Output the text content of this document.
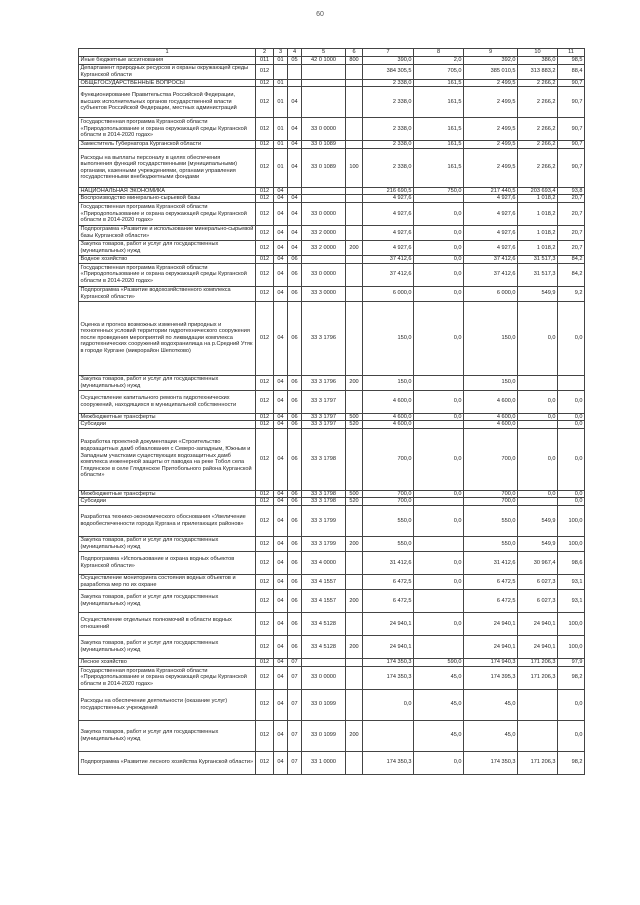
60
1	2	3	4	5	6	7	8	9	10	11
Иные бюджетные ассигнования	011	01	05	42 0 1000	800	390,0	2,0	392,0	386,0	98,5
Департамент природных ресурсов и охраны окружающей среды Курганской области	012					384 305,5	705,0	385 010,5	313 883,2	88,4
ОБЩЕГОСУДАРСТВЕННЫЕ ВОПРОСЫ	012	01				2 338,0	161,5	2 499,5	2 266,2	90,7
Функционирование Правительства Российской Федерации, высших исполнительных органов государственной власти субъектов Российской Федерации, местных администраций	012	01	04			2 338,0	161,5	2 499,5	2 266,2	90,7
Государственная программа Курганской области «Природопользование и охрана окружающей среды Курганской области в 2014-2020 годах»	012	01	04	33 0 0000		2 338,0	161,5	2 499,5	2 266,2	90,7
Заместитель Губернатора Курганской области	012	01	04	33 0 1089		2 338,0	161,5	2 499,5	2 266,2	90,7
Расходы на выплаты персоналу в целях обеспечения выполнения функций государственными (муниципальными) органами, казенными учреждениями, органами управления государственными внебюджетными фондами	012	01	04	33 0 1089	100	2 338,0	161,5	2 499,5	2 266,2	90,7
НАЦИОНАЛЬНАЯ ЭКОНОМИКА	012	04				216 690,5	750,0	217 440,5	203 693,4	93,8
Воспроизводство минерально-сырьевой базы	012	04	04			4 927,6		4 927,6	1 018,2	20,7
Государственная программа Курганской области «Природопользование и охрана окружающей среды Курганской области в 2014-2020 годах»	012	04	04	33 0 0000		4 927,6	0,0	4 927,6	1 018,2	20,7
Подпрограмма «Развитие и использование минерально-сырьевой базы Курганской области»	012	04	04	33 2 0000		4 927,6	0,0	4 927,6	1 018,2	20,7
Закупка товаров, работ и услуг для государственных (муниципальных) нужд	012	04	04	33 2 0000	200	4 927,6	0,0	4 927,6	1 018,2	20,7
Водное хозяйство	012	04	06			37 412,6	0,0	37 412,6	31 517,3	84,2
Государственная программа Курганской области «Природопользование и охрана окружающей среды Курганской области в 2014-2020 годах»	012	04	06	33 0 0000		37 412,6	0,0	37 412,6	31 517,3	84,2
Подпрограмма «Развитие водохозяйственного комплекса Курганской области»	012	04	06	33 3 0000		6 000,0	0,0	6 000,0	549,9	9,2
Оценка и прогноз возможных изменений природных и техногенных условий территории гидротехнического сооружения после проведения мероприятий по ликвидации комплекса гидротехнических сооружений водохранилища на р.Средний Утяк в городе Кургане (микрорайон Шепотково)	012	04	06	33 3 1796		150,0	0,0	150,0	0,0	0,0
Закупка товаров, работ и услуг для государственных (муниципальных) нужд	012	04	06	33 3 1796	200	150,0		150,0		
Осуществление капитального ремонта гидротехнических сооружений, находящихся в муниципальной собственности	012	04	06	33 3 1797		4 600,0	0,0	4 600,0	0,0	0,0
Межбюджетные трансферты	012	04	06	33 3 1797	500	4 600,0	0,0	4 600,0	0,0	0,0
Субсидии	012	04	06	33 3 1797	520	4 600,0		4 600,0		0,0
Разработка проектной документации «Строительство водозащитных дамб обвалования с Северо-западным, Южным и Западным участками существующих водозащитных дамб комплекса инженерной защиты от паводка на реке Тобол села Глядянское в селе Глядянское Притобольного района Курганской области»	012	04	06	33 3 1798		700,0	0,0	700,0	0,0	0,0
Межбюджетные трансферты	012	04	06	33 3 1798	500	700,0	0,0	700,0	0,0	0,0
Субсидии	012	04	06	33 3 1798	520	700,0		700,0		0,0
Разработка технико-экономического обоснования «Увеличение водообеспеченности города Кургана и прилегающих районов»	012	04	06	33 3 1799		550,0	0,0	550,0	549,9	100,0
Закупка товаров, работ и услуг для государственных (муниципальных) нужд	012	04	06	33 3 1799	200	550,0		550,0	549,9	100,0
Подпрограмма «Использование и охрана водных объектов Курганской области»	012	04	06	33 4 0000		31 412,6	0,0	31 412,6	30 967,4	98,6
Осуществление мониторинга состояния водных объектов и разработка мер по их охране	012	04	06	33 4 1557		6 472,5	0,0	6 472,5	6 027,3	93,1
Закупка товаров, работ и услуг для государственных (муниципальных) нужд	012	04	06	33 4 1557	200	6 472,5		6 472,5	6 027,3	93,1
Осуществление отдельных полномочий в области водных отношений	012	04	06	33 4 5128		24 940,1	0,0	24 940,1	24 940,1	100,0
Закупка товаров, работ и услуг для государственных (муниципальных) нужд	012	04	06	33 4 5128	200	24 940,1		24 940,1	24 940,1	100,0
Лесное хозяйство	012	04	07			174 350,3	590,0	174 940,3	171 206,3	97,9
Государственная программа Курганской области «Природопользование и охрана окружающей среды Курганской области в 2014-2020 годах»	012	04	07	33 0 0000		174 350,3	45,0	174 395,3	171 206,3	98,2
Расходы на обеспечение деятельности (оказание услуг) государственных учреждений	012	04	07	33 0 1099		0,0	45,0	45,0		0,0
Закупка товаров, работ и услуг для государственных (муниципальных) нужд	012	04	07	33 0 1099	200		45,0	45,0		0,0
Подпрограмма «Развитие лесного хозяйства Курганской области»	012	04	07	33 1 0000		174 350,3	0,0	174 350,3	171 206,3	98,2
